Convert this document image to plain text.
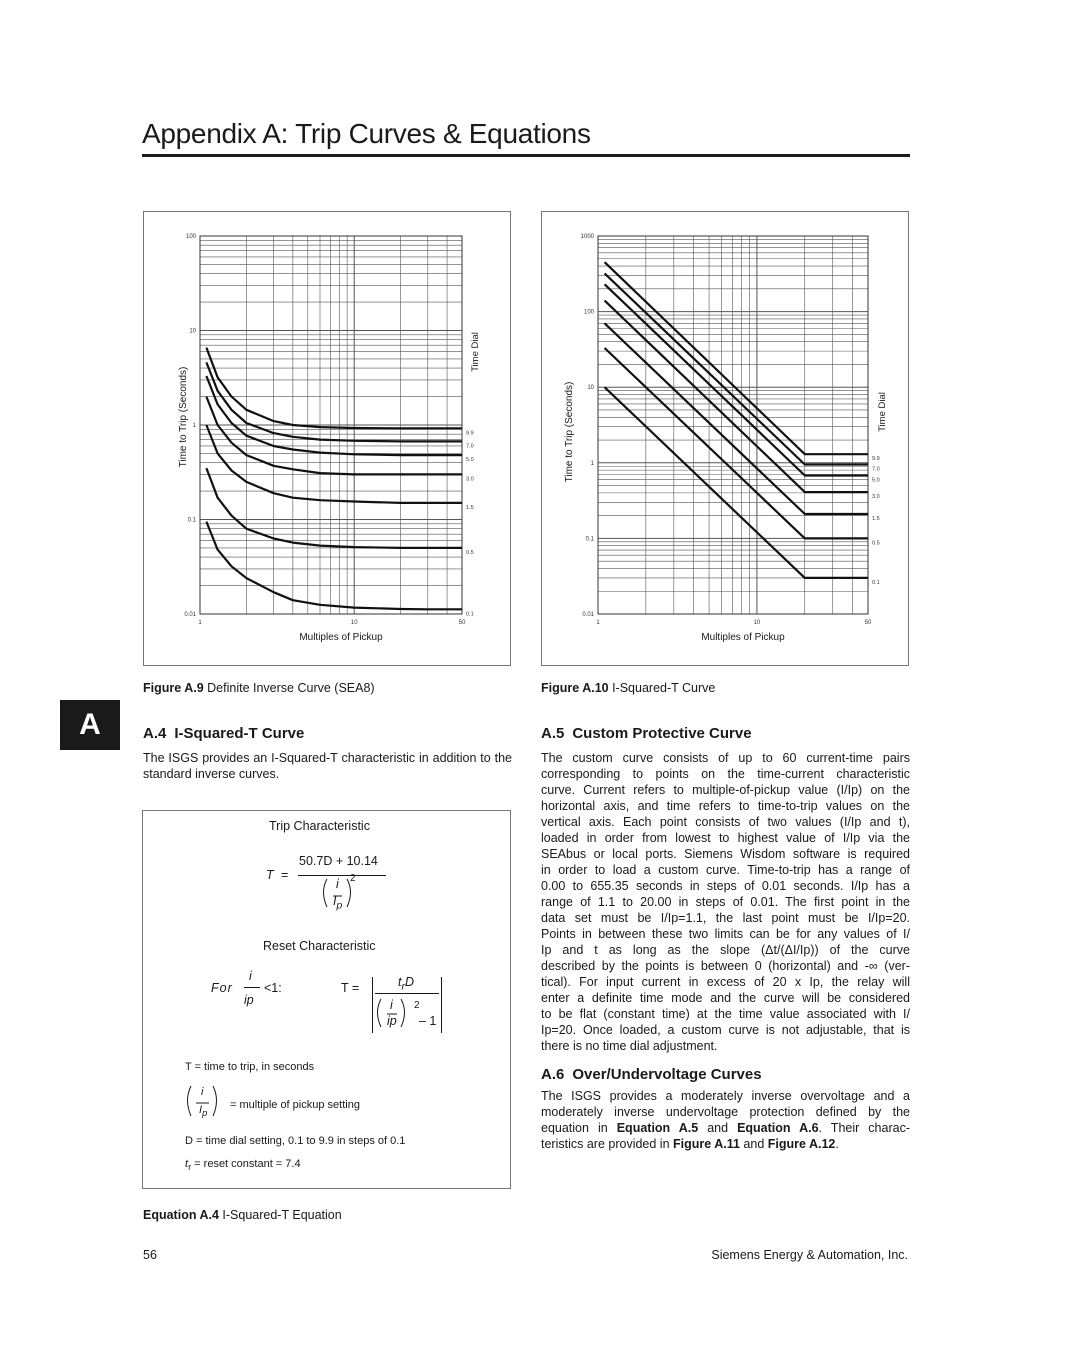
Appendix A: Trip Curves & Equations
100
10
1
0.1
0.01
1	10	50
Multiples of Pickup
Time to Trip (Seconds)
Time Dial
9.9
7.0
5.0
3.0
1.5
0.5
0.1
Figure A.9 Definite Inverse Curve (SEA8)
1000
100
10
1
0.1
0.01
1	10	50
Multiples of Pickup
Time to Trip (Seconds)	Time Dial
9.9
7.0
5.0
3.0
1.5
0.5
0.1
Figure A.10 I-Squared-T Curve
A	A.4 I-Squared-T Curve
The ISGS provides an I-Squared-T characteristic in addition to the standard inverse curves.
Trip Characteristic
T =
50.7D + 10.14
i
$I_p$
2
Reset Characteristic
For
i
ip
<1:	T =	$t_rD$
i
ip
2
– 1
T = time to trip, in seconds
i
$I_p$
= multiple of pickup setting
D = time dial setting, 0.1 to 9.9 in steps of 0.1
$t_r$ = reset constant = 7.4
Equation A.4 I-Squared-T Equation
A.5 Custom Protective Curve
The custom curve consists of up to 60 current-time pairs
corresponding to points on the time-current characteristic
curve. Current refers to multiple-of-pickup value (I/Ip) on the
horizontal axis, and time refers to time-to-trip values on the
vertical axis. Each point consists of two values (I/Ip and t),
loaded in order from lowest to highest value of I/Ip via the
SEAbus or local ports. Siemens Wisdom software is required
in order to load a custom curve. Time-to-trip has a range of
0.00 to 655.35 seconds in steps of 0.01 seconds. I/Ip has a
range of 1.1 to 20.00 in steps of 0.01. The first point in the
data set must be I/Ip=1.1, the last point must be I/Ip=20.
Points in between these two limits can be for any values of I/
Ip and t as long as the slope (Δt/(ΔI/Ip)) of the curve
described by the points is between 0 (horizontal) and -∞ (ver-
tical). For input current in excess of 20 x Ip, the relay will
enter a definite time mode and the curve will be considered
to be flat (constant time) at the time value associated with I/
Ip=20. Once loaded, a custom curve is not adjustable, that is
there is no time dial adjustment.
A.6 Over/Undervoltage Curves
The ISGS provides a moderately inverse overvoltage and a
moderately inverse undervoltage protection defined by the
equation in Equation A.5 and Equation A.6. Their charac-
teristics are provided in Figure A.11 and Figure A.12.
56	Siemens Energy & Automation, Inc.
